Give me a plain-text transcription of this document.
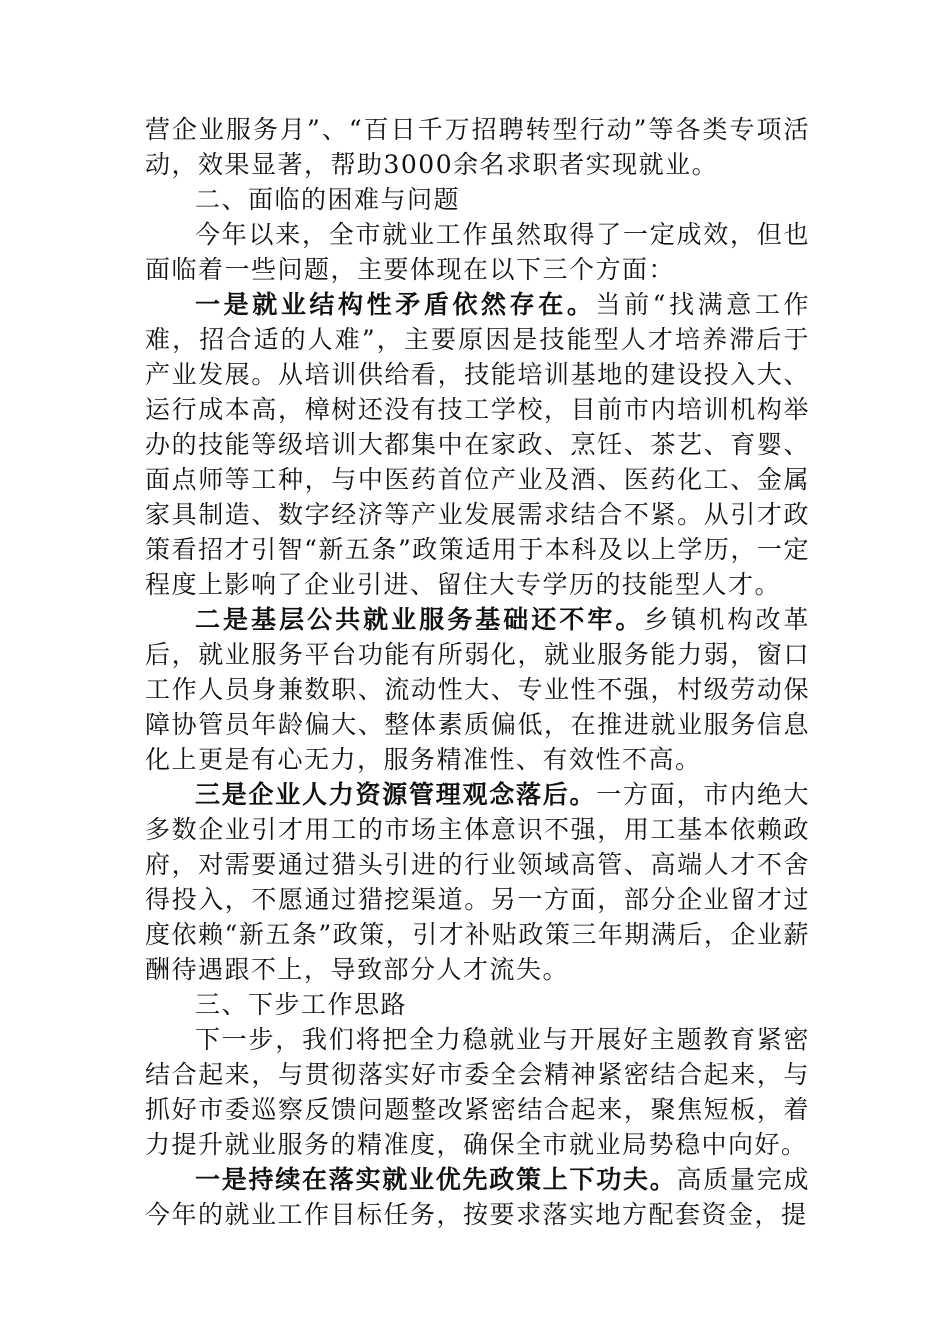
营企业服务月”、“百日千万招聘转型行动”等各类专项活动，效果显著，帮助3000余名求职者实现就业。

二、面临的困难与问题

今年以来，全市就业工作虽然取得了一定成效，但也面临着一些问题，主要体现在以下三个方面：

一是就业结构性矛盾依然存在。当前“找满意工作难，招合适的人难”，主要原因是技能型人才培养滞后于产业发展。从培训供给看，技能培训基地的建设投入大、运行成本高，樟树还没有技工学校，目前市内培训机构举办的技能等级培训大都集中在家政、烹饪、茶艺、育婴、面点师等工种，与中医药首位产业及酒、医药化工、金属家具制造、数字经济等产业发展需求结合不紧。从引才政策看招才引智“新五条”政策适用于本科及以上学历，一定程度上影响了企业引进、留住大专学历的技能型人才。

二是基层公共就业服务基础还不牢。乡镇机构改革后，就业服务平台功能有所弱化，就业服务能力弱，窗口工作人员身兼数职、流动性大、专业性不强，村级劳动保障协管员年龄偏大、整体素质偏低，在推进就业服务信息化上更是有心无力，服务精准性、有效性不高。

三是企业人力资源管理观念落后。一方面，市内绝大多数企业引才用工的市场主体意识不强，用工基本依赖政府，对需要通过猎头引进的行业领域高管、高端人才不舍得投入，不愿通过猎挖渠道。另一方面，部分企业留才过度依赖“新五条”政策，引才补贴政策三年期满后，企业薪酬待遇跟不上，导致部分人才流失。

三、下步工作思路

下一步，我们将把全力稳就业与开展好主题教育紧密结合起来，与贯彻落实好市委全会精神紧密结合起来，与抓好市委巡察反馈问题整改紧密结合起来，聚焦短板，着力提升就业服务的精准度，确保全市就业局势稳中向好。

一是持续在落实就业优先政策上下功夫。高质量完成今年的就业工作目标任务，按要求落实地方配套资金，提
